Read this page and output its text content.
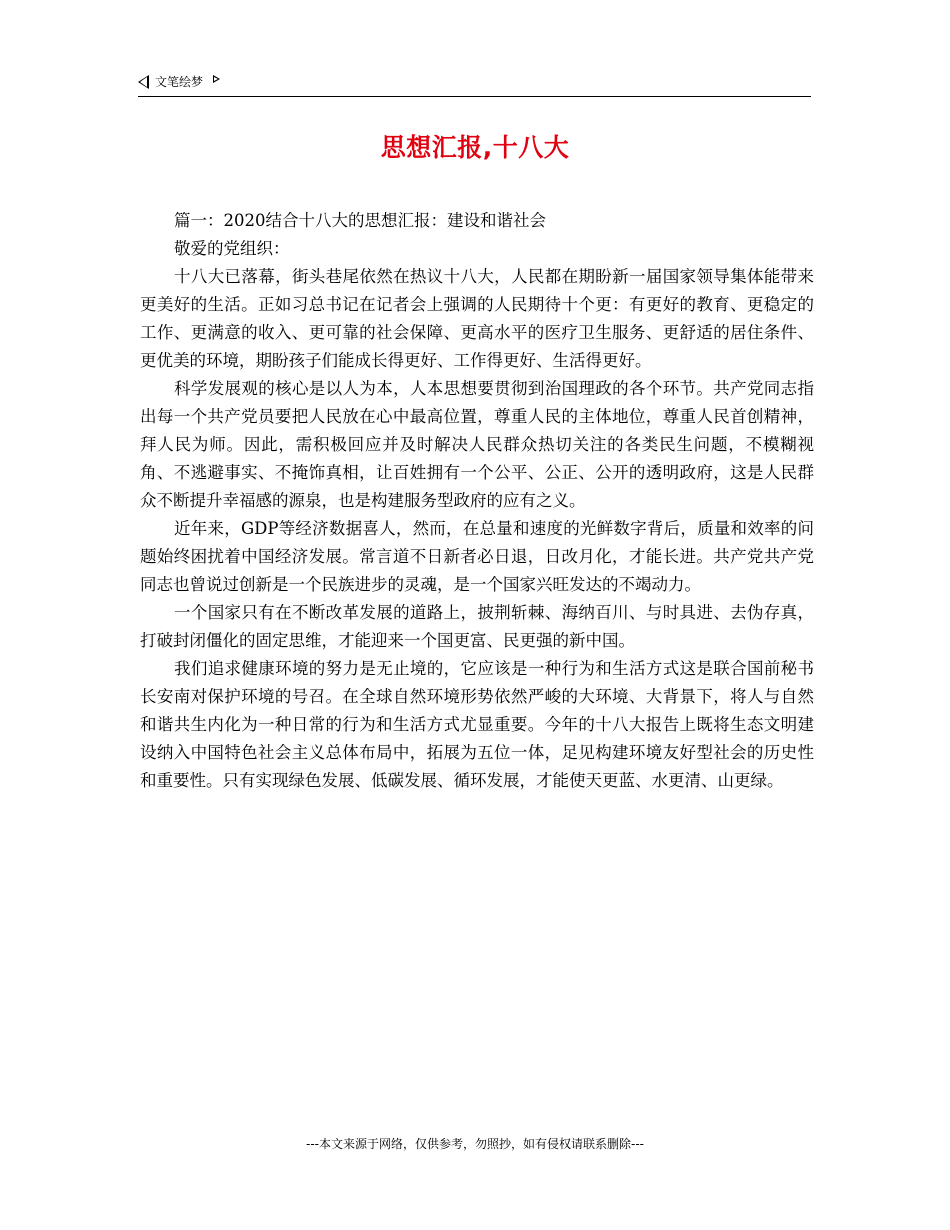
文笔绘梦
思想汇报,十八大

篇一：2020结合十八大的思想汇报：建设和谐社会

敬爱的党组织：

十八大已落幕，街头巷尾依然在热议十八大，人民都在期盼新一届国家领导集体能带来更美好的生活。正如习总书记在记者会上强调的人民期待十个更：有更好的教育、更稳定的工作、更满意的收入、更可靠的社会保障、更高水平的医疗卫生服务、更舒适的居住条件、更优美的环境，期盼孩子们能成长得更好、工作得更好、生活得更好。

科学发展观的核心是以人为本，人本思想要贯彻到治国理政的各个环节。共产党同志指出每一个共产党员要把人民放在心中最高位置，尊重人民的主体地位，尊重人民首创精神，拜人民为师。因此，需积极回应并及时解决人民群众热切关注的各类民生问题，不模糊视角、不逃避事实、不掩饰真相，让百姓拥有一个公平、公正、公开的透明政府，这是人民群众不断提升幸福感的源泉，也是构建服务型政府的应有之义。

近年来，GDP等经济数据喜人，然而，在总量和速度的光鲜数字背后，质量和效率的问题始终困扰着中国经济发展。常言道不日新者必日退，日改月化，才能长进。共产党共产党同志也曾说过创新是一个民族进步的灵魂，是一个国家兴旺发达的不竭动力。

一个国家只有在不断改革发展的道路上，披荆斩棘、海纳百川、与时具进、去伪存真，打破封闭僵化的固定思维，才能迎来一个国更富、民更强的新中国。

我们追求健康环境的努力是无止境的，它应该是一种行为和生活方式这是联合国前秘书长安南对保护环境的号召。在全球自然环境形势依然严峻的大环境、大背景下，将人与自然和谐共生内化为一种日常的行为和生活方式尤显重要。今年的十八大报告上既将生态文明建设纳入中国特色社会主义总体布局中，拓展为五位一体，足见构建环境友好型社会的历史性和重要性。只有实现绿色发展、低碳发展、循环发展，才能使天更蓝、水更清、山更绿。

---本文来源于网络，仅供参考，勿照抄，如有侵权请联系删除---
